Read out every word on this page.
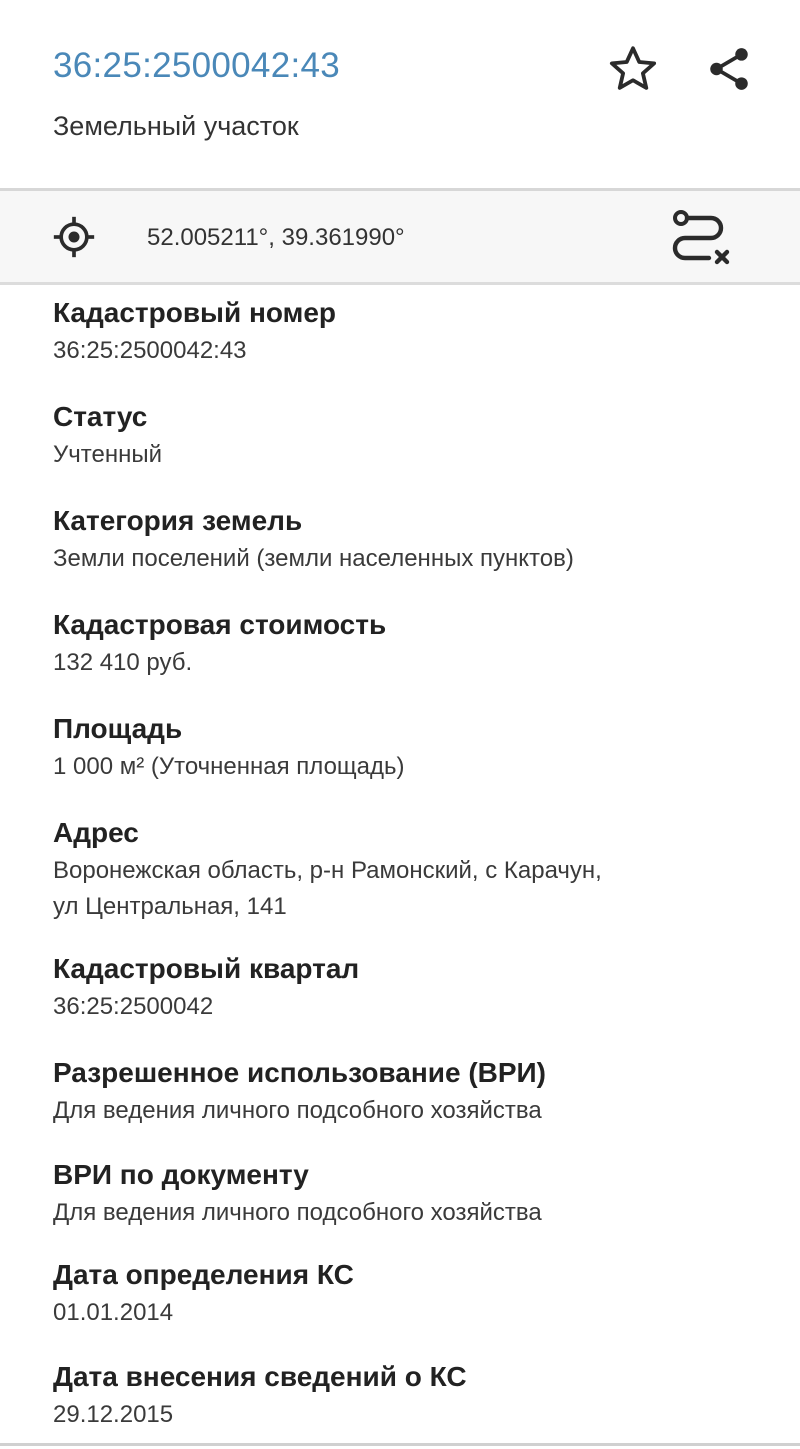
36:25:2500042:43
Земельный участок
52.005211°, 39.361990°
Кадастровый номер
36:25:2500042:43
Статус
Учтенный
Категория земель
Земли поселений (земли населенных пунктов)
Кадастровая стоимость
132 410 руб.
Площадь
1 000 м² (Уточненная площадь)
Адрес
Воронежская область, р-н Рамонский, с Карачун,
ул Центральная, 141
Кадастровый квартал
36:25:2500042
Разрешенное использование (ВРИ)
Для ведения личного подсобного хозяйства
ВРИ по документу
Для ведения личного подсобного хозяйства
Дата определения КС
01.01.2014
Дата внесения сведений о КС
29.12.2015
